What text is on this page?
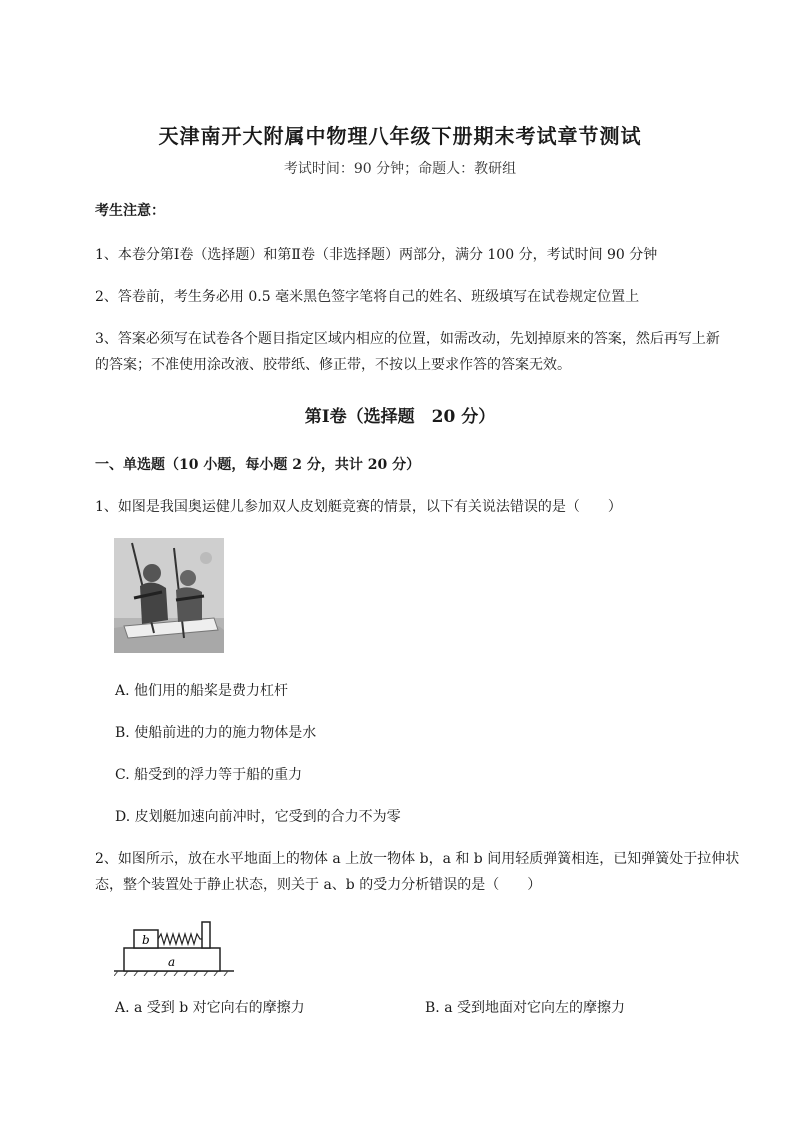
天津南开大附属中物理八年级下册期末考试章节测试
考试时间：90 分钟；命题人：教研组
考生注意：
1、本卷分第Ⅰ卷（选择题）和第Ⅱ卷（非选择题）两部分，满分 100 分，考试时间 90 分钟
2、答卷前，考生务必用 0.5 毫米黑色签字笔将自己的姓名、班级填写在试卷规定位置上
3、答案必须写在试卷各个题目指定区域内相应的位置，如需改动，先划掉原来的答案，然后再写上新
的答案；不准使用涂改液、胶带纸、修正带，不按以上要求作答的答案无效。
第Ⅰ卷（选择题　20 分）
一、单选题（10 小题，每小题 2 分，共计 20 分）
1、如图是我国奥运健儿参加双人皮划艇竞赛的情景，以下有关说法错误的是（　　）
A. 他们用的船桨是费力杠杆
B. 使船前进的力的施力物体是水
C. 船受到的浮力等于船的重力
D. 皮划艇加速向前冲时，它受到的合力不为零
2、如图所示，放在水平地面上的物体 a 上放一物体 b，a 和 b 间用轻质弹簧相连，已知弹簧处于拉伸状
态，整个装置处于静止状态，则关于 a、b 的受力分析错误的是（　　）
b
a
A. a 受到 b 对它向右的摩擦力	B. a 受到地面对它向左的摩擦力
